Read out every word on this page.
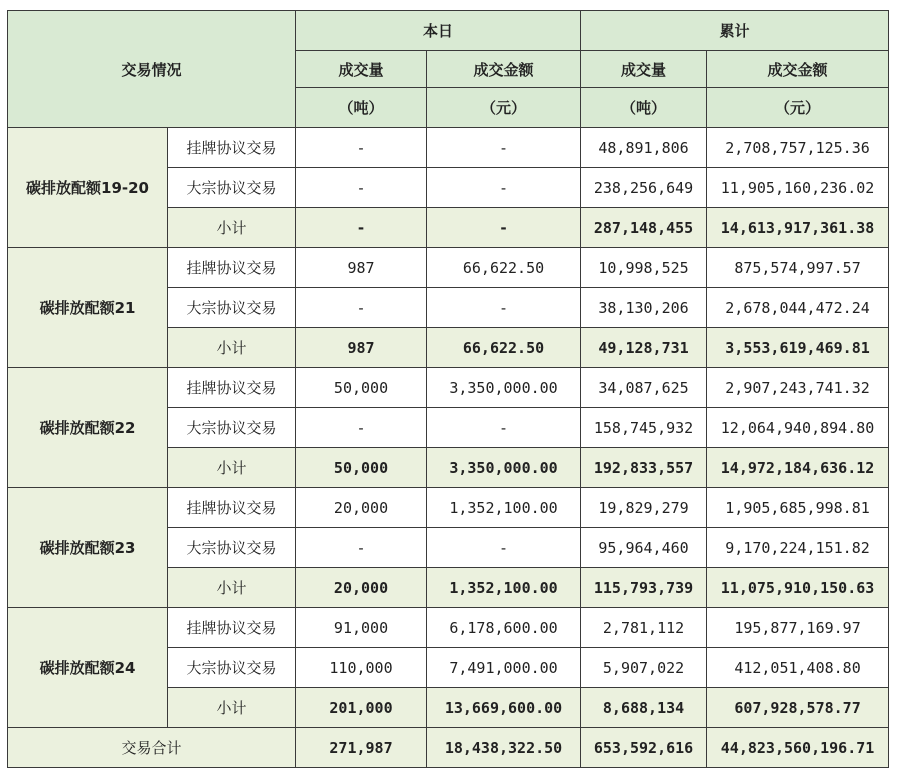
交易情况		本日		累计	
		成交量	成交金额	成交量	成交金额
		（吨）	（元）	（吨）	（元）
碳排放配额19-20	挂牌协议交易	-	-	48,891,806	2,708,757,125.36
	大宗协议交易	-	-	238,256,649	11,905,160,236.02
	小计	-	-	287,148,455	14,613,917,361.38
碳排放配额21	挂牌协议交易	987	66,622.50	10,998,525	875,574,997.57
	大宗协议交易	-	-	38,130,206	2,678,044,472.24
	小计	987	66,622.50	49,128,731	3,553,619,469.81
碳排放配额22	挂牌协议交易	50,000	3,350,000.00	34,087,625	2,907,243,741.32
	大宗协议交易	-	-	158,745,932	12,064,940,894.80
	小计	50,000	3,350,000.00	192,833,557	14,972,184,636.12
碳排放配额23	挂牌协议交易	20,000	1,352,100.00	19,829,279	1,905,685,998.81
	大宗协议交易	-	-	95,964,460	9,170,224,151.82
	小计	20,000	1,352,100.00	115,793,739	11,075,910,150.63
碳排放配额24	挂牌协议交易	91,000	6,178,600.00	2,781,112	195,877,169.97
	大宗协议交易	110,000	7,491,000.00	5,907,022	412,051,408.80
	小计	201,000	13,669,600.00	8,688,134	607,928,578.77
交易合计		271,987	18,438,322.50	653,592,616	44,823,560,196.71
